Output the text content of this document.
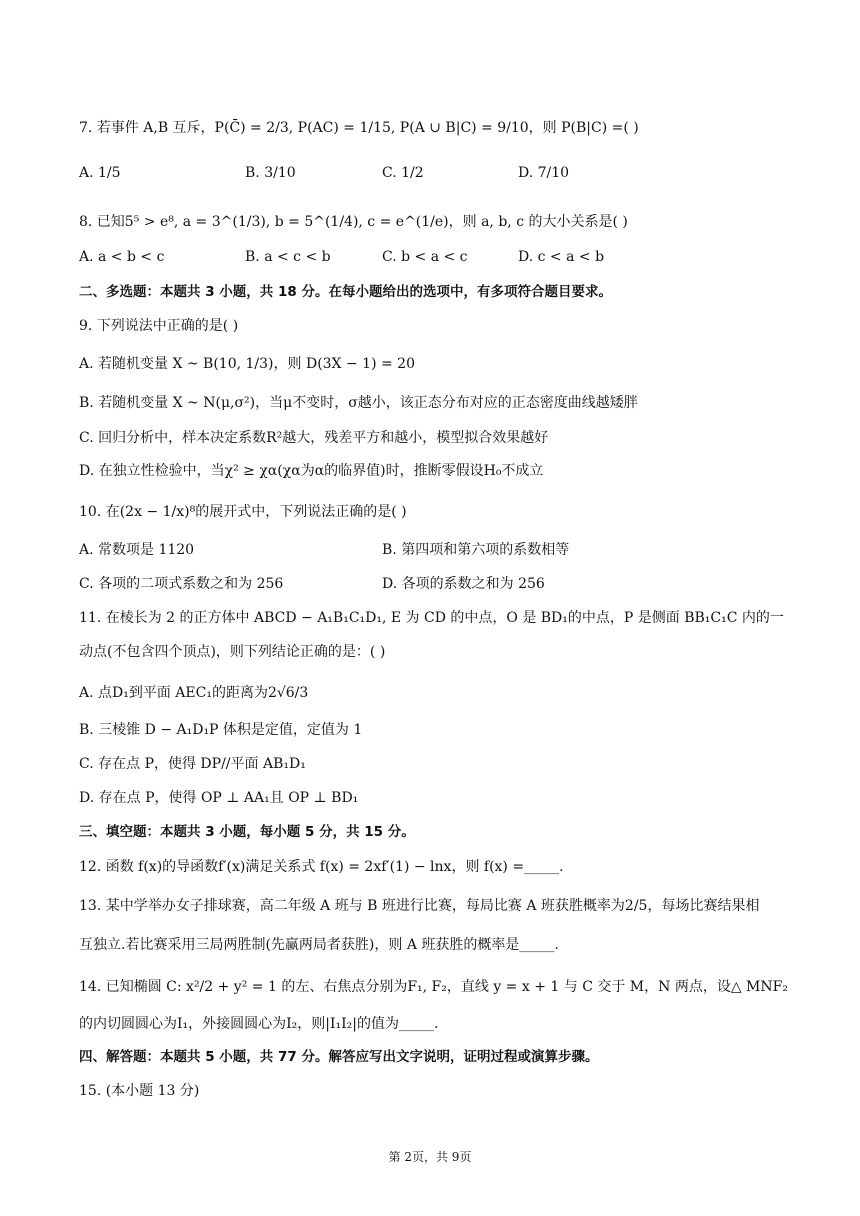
7. 若事件 A,B 互斥，P(C̄) = 2/3, P(AC) = 1/15, P(A ∪ B|C) = 9/10，则 P(B|C) =( )
A. 1/5	B. 3/10	C. 1/2	D. 7/10
8. 已知5⁵ > e⁸, a = 3^(1/3), b = 5^(1/4), c = e^(1/e)，则 a, b, c 的大小关系是( )
A. a < b < c	B. a < c < b	C. b < a < c	D. c < a < b
二、多选题：本题共 3 小题，共 18 分。在每小题给出的选项中，有多项符合题目要求。
9. 下列说法中正确的是( )
A. 若随机变量 X ~ B(10, 1/3)，则 D(3X − 1) = 20
B. 若随机变量 X ~ N(μ,σ²)，当μ不变时，σ越小，该正态分布对应的正态密度曲线越矮胖
C. 回归分析中，样本决定系数R²越大，残差平方和越小，模型拟合效果越好
D. 在独立性检验中，当χ² ≥ χα(χα为α的临界值)时，推断零假设H₀不成立
10. 在(2x − 1/x)⁸的展开式中，下列说法正确的是( )
A. 常数项是 1120	B. 第四项和第六项的系数相等
C. 各项的二项式系数之和为 256	D. 各项的系数之和为 256
11. 在棱长为 2 的正方体中 ABCD − A₁B₁C₁D₁, E 为 CD 的中点，O 是 BD₁的中点，P 是侧面 BB₁C₁C 内的一
动点(不包含四个顶点)，则下列结论正确的是：( )
A. 点D₁到平面 AEC₁的距离为2√6/3
B. 三棱锥 D − A₁D₁P 体积是定值，定值为 1
C. 存在点 P，使得 DP//平面 AB₁D₁
D. 存在点 P，使得 OP ⊥ AA₁且 OP ⊥ BD₁
三、填空题：本题共 3 小题，每小题 5 分，共 15 分。
12. 函数 f(x)的导函数f′(x)满足关系式 f(x) = 2xf′(1) − lnx，则 f(x) =_____.
13. 某中学举办女子排球赛，高二年级 A 班与 B 班进行比赛，每局比赛 A 班获胜概率为2/5，每场比赛结果相
互独立.若比赛采用三局两胜制(先赢两局者获胜)，则 A 班获胜的概率是_____.
14. 已知椭圆 C: x²/2 + y² = 1 的左、右焦点分别为F₁, F₂，直线 y = x + 1 与 C 交于 M，N 两点，设△ MNF₂
的内切圆圆心为I₁，外接圆圆心为I₂，则|I₁I₂|的值为_____.
四、解答题：本题共 5 小题，共 77 分。解答应写出文字说明，证明过程或演算步骤。
15. (本小题 13 分)
第 2页，共 9页
